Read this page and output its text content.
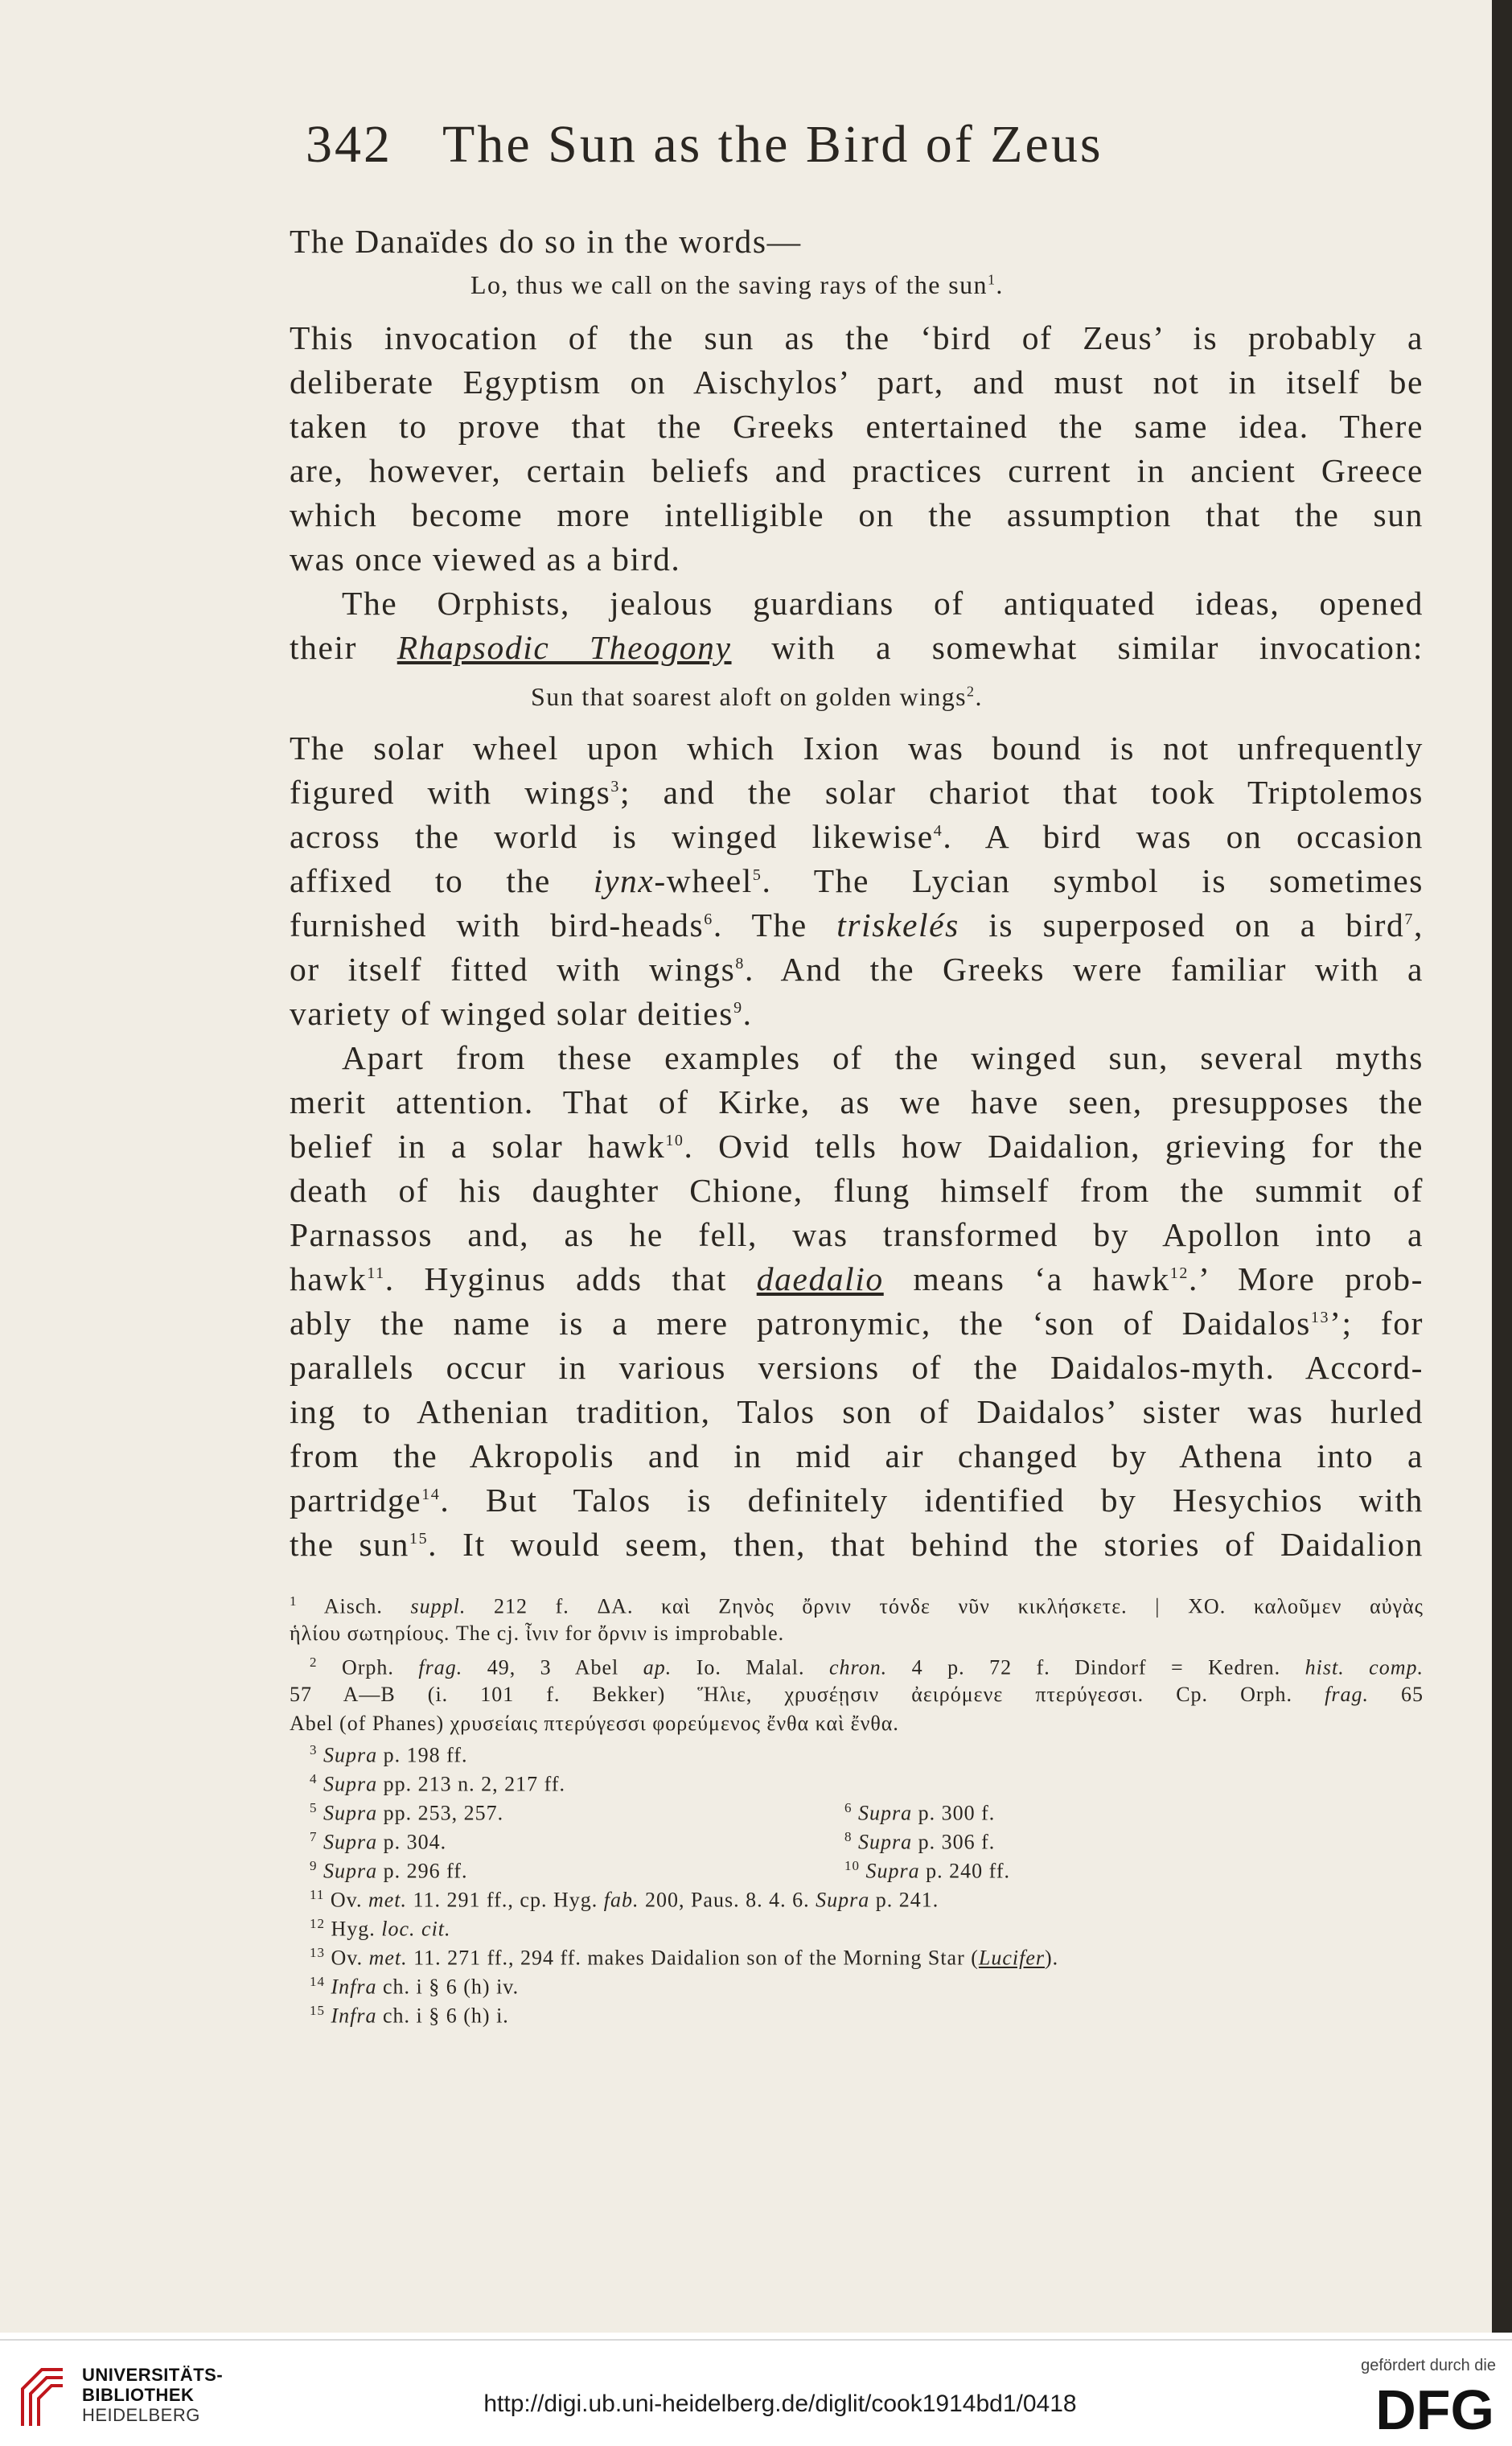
342 The Sun as the Bird of Zeus
The Danaïdes do so in the words—
Lo, thus we call on the saving rays of the sun$^1$.
This invocation of the sun as the ‘bird of Zeus’ is probably a
deliberate Egyptism on Aischylos’ part, and must not in itself be
taken to prove that the Greeks entertained the same idea. There
are, however, certain beliefs and practices current in ancient Greece
which become more intelligible on the assumption that the sun
was once viewed as a bird.
The Orphists, jealous guardians of antiquated ideas, opened
their Rhapsodic Theogony with a somewhat similar invocation:
Sun that soarest aloft on golden wings$^2$.
The solar wheel upon which Ixion was bound is not unfrequently
figured with wings$^3$; and the solar chariot that took Triptolemos
across the world is winged likewise$^4$. A bird was on occasion
affixed to the iynx-wheel$^5$. The Lycian symbol is sometimes
furnished with bird-heads$^6$. The triskelés is superposed on a bird$^7$,
or itself fitted with wings$^8$. And the Greeks were familiar with a
variety of winged solar deities$^9$.
Apart from these examples of the winged sun, several myths
merit attention. That of Kirke, as we have seen, presupposes the
belief in a solar hawk$^{10}$. Ovid tells how Daidalion, grieving for the
death of his daughter Chione, flung himself from the summit of
Parnassos and, as he fell, was transformed by Apollon into a
hawk$^{11}$. Hyginus adds that daedalio means ‘a hawk$^{12}$.’ More prob-
ably the name is a mere patronymic, the ‘son of Daidalos$^{13}$’; for
parallels occur in various versions of the Daidalos-myth. Accord-
ing to Athenian tradition, Talos son of Daidalos’ sister was hurled
from the Akropolis and in mid air changed by Athena into a
partridge$^{14}$. But Talos is definitely identified by Hesychios with
the sun$^{15}$. It would seem, then, that behind the stories of Daidalion
$^1$ Aisch. suppl. 212 f. ΔΑ. καὶ Ζηνὸς ὄρνιν τόνδε νῦν κικλήσκετε. | ΧΟ. καλοῦμεν αὐγὰς
ἡλίου σωτηρίους. The cj. ἶνιν for ὄρνιν is improbable.
$^2$ Orph. frag. 49, 3 Abel ap. Io. Malal. chron. 4 p. 72 f. Dindorf = Kedren. hist. comp.
57 A—B (i. 101 f. Bekker) Ἥλιε, χρυσέῃσιν ἀειρόμενε πτερύγεσσι. Cp. Orph. frag. 65
Abel (of Phanes) χρυσείαις πτερύγεσσι φορεύμενος ἔνθα καὶ ἔνθα.
$^3$ Supra p. 198 ff.
$^4$ Supra pp. 213 n. 2, 217 ff.
$^5$ Supra pp. 253, 257.	$^6$ Supra p. 300 f.
$^7$ Supra p. 304.	$^8$ Supra p. 306 f.
$^9$ Supra p. 296 ff.	$^{10}$ Supra p. 240 ff.
$^{11}$ Ov. met. 11. 291 ff., cp. Hyg. fab. 200, Paus. 8. 4. 6. Supra p. 241.
$^{12}$ Hyg. loc. cit.
$^{13}$ Ov. met. 11. 271 ff., 294 ff. makes Daidalion son of the Morning Star (Lucifer).
$^{14}$ Infra ch. i § 6 (h) iv.
$^{15}$ Infra ch. i § 6 (h) i.
UNIVERSITÄTS-
BIBLIOTHEK
HEIDELBERG	http://digi.ub.uni-heidelberg.de/diglit/cook1914bd1/0418
gefördert durch die
DFG
